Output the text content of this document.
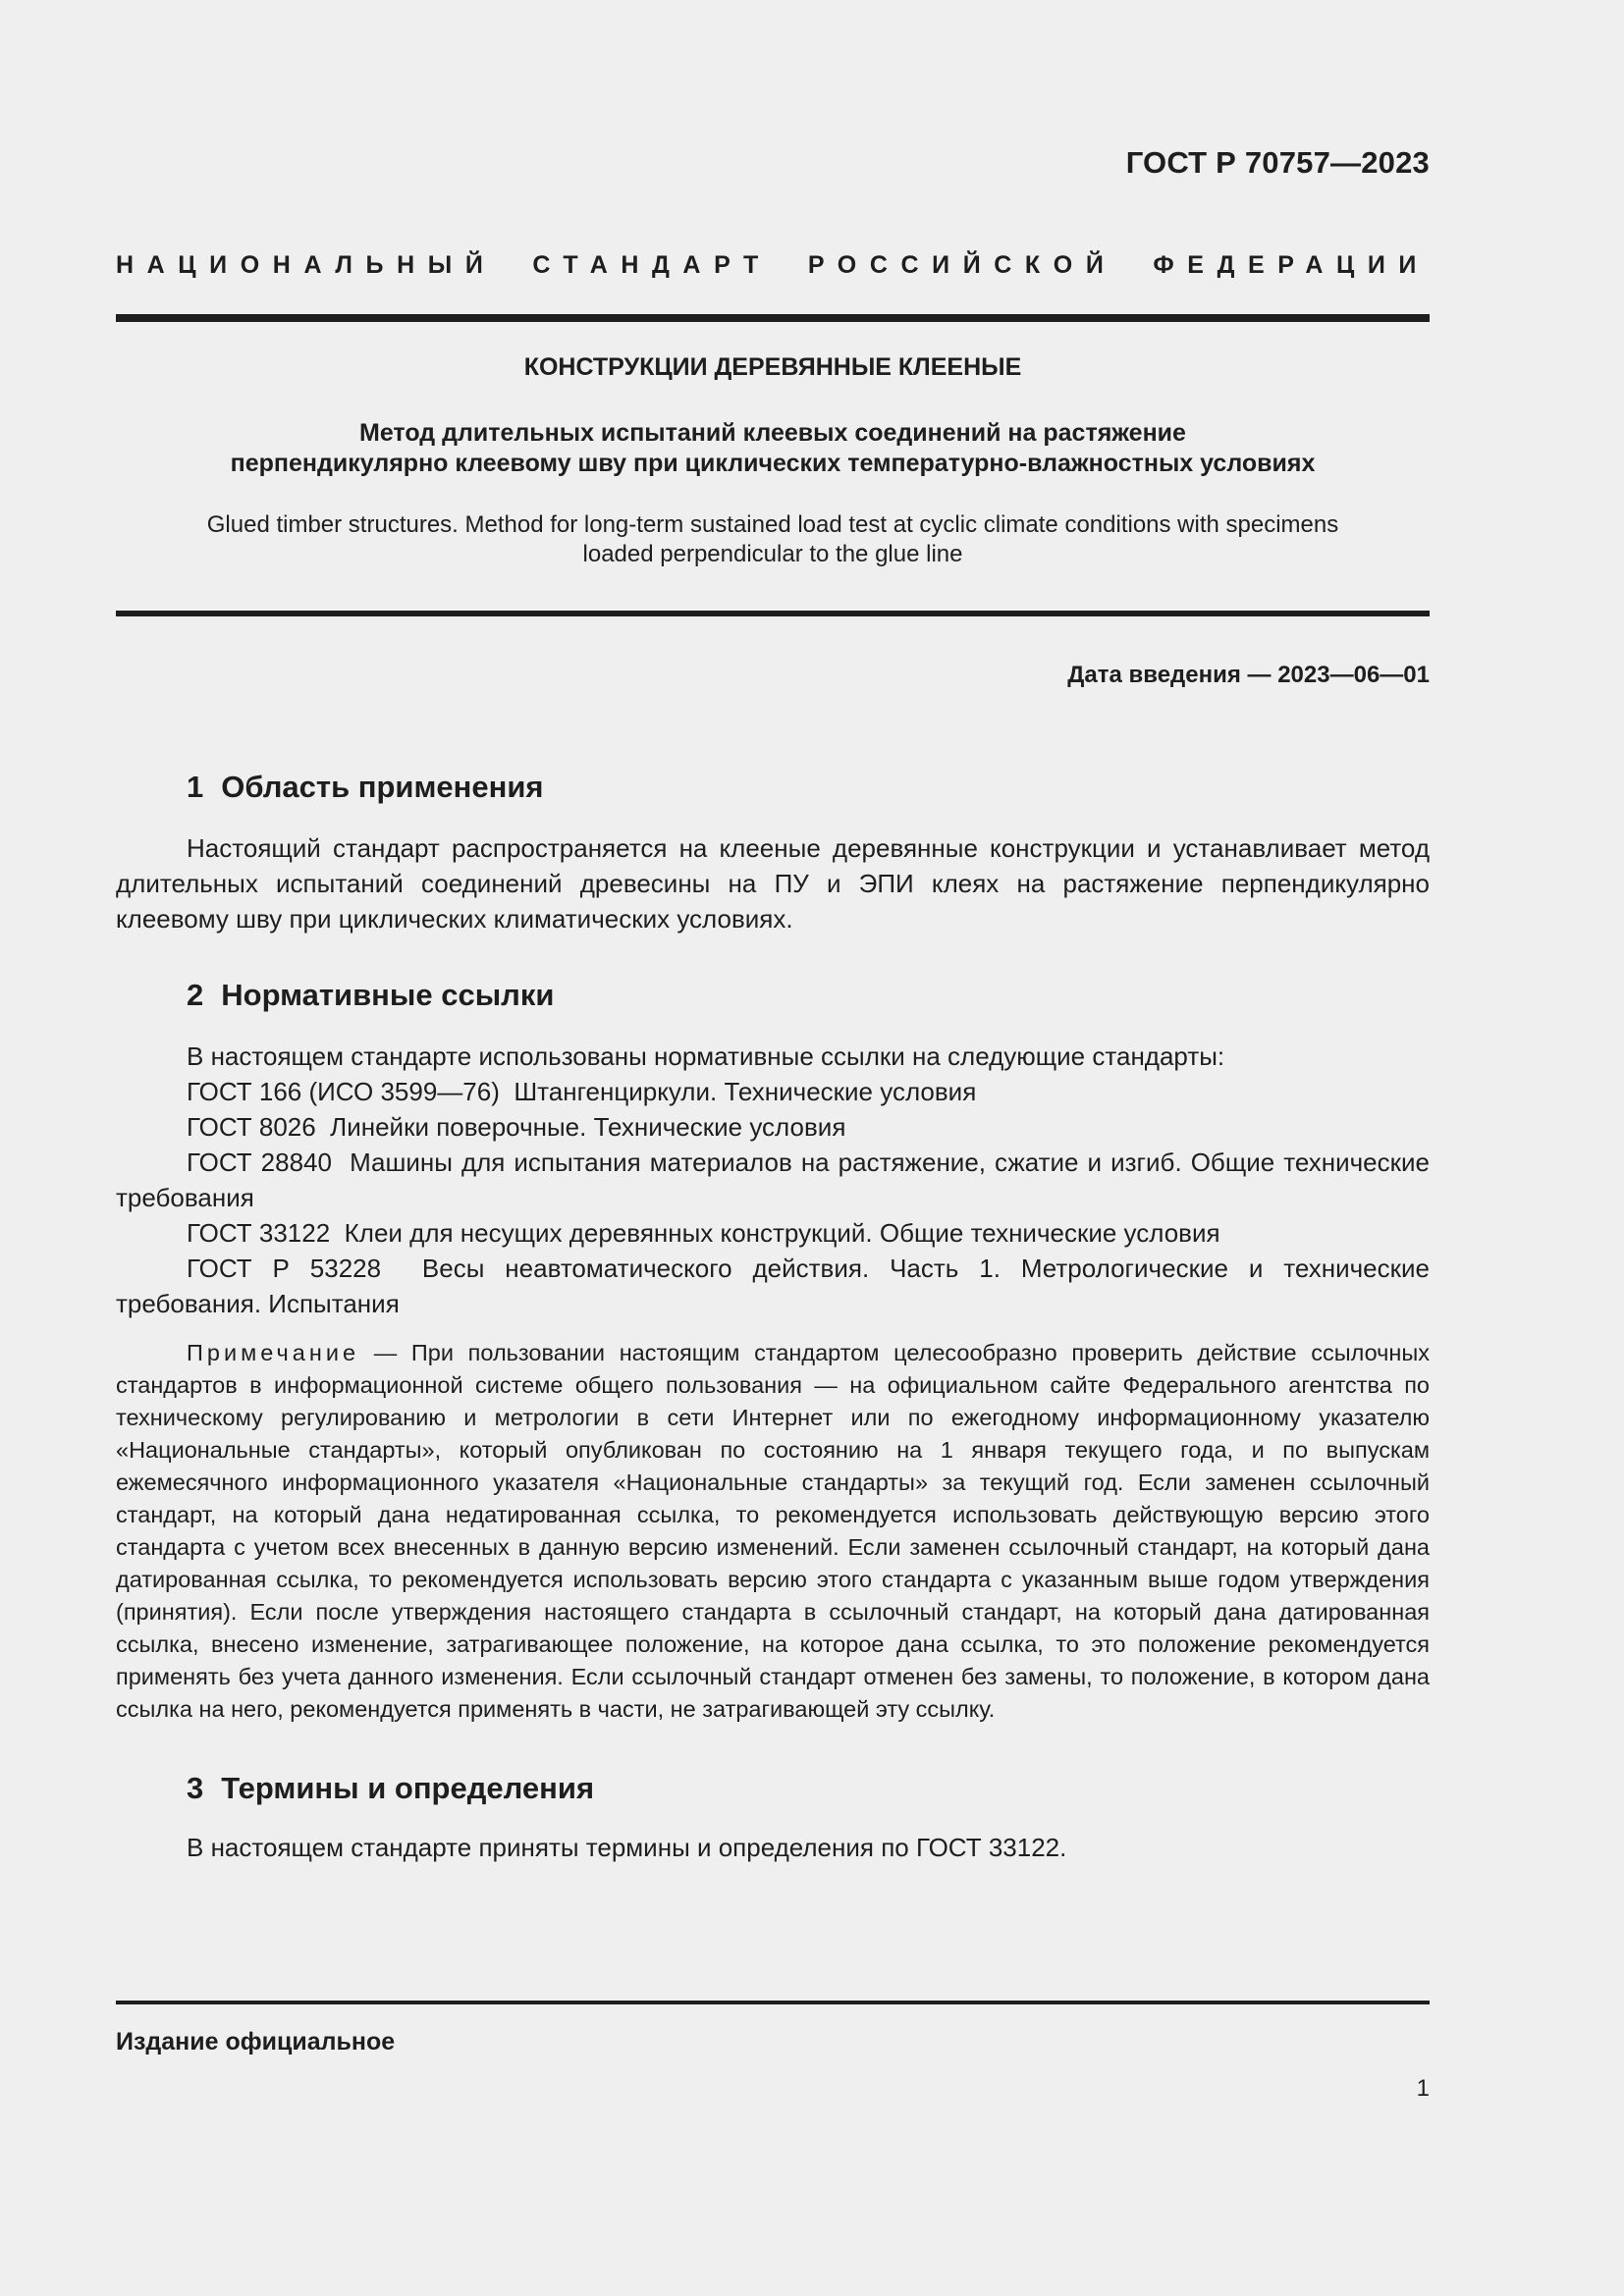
ГОСТ Р 70757—2023
НАЦИОНАЛЬНЫЙ СТАНДАРТ РОССИЙСКОЙ ФЕДЕРАЦИИ
КОНСТРУКЦИИ ДЕРЕВЯННЫЕ КЛЕЕНЫЕ
Метод длительных испытаний клеевых соединений на растяжение
перпендикулярно клеевому шву при циклических температурно-влажностных условиях
Glued timber structures. Method for long-term sustained load test at cyclic climate conditions with specimens
loaded perpendicular to the glue line
Дата введения — 2023—06—01
1 Область применения
Настоящий стандарт распространяется на клееные деревянные конструкции и устанавливает метод длительных испытаний соединений древесины на ПУ и ЭПИ клеях на растяжение перпендикулярно клеевому шву при циклических климатических условиях.
2 Нормативные ссылки
В настоящем стандарте использованы нормативные ссылки на следующие стандарты:
ГОСТ 166 (ИСО 3599—76) Штангенциркули. Технические условия
ГОСТ 8026 Линейки поверочные. Технические условия
ГОСТ 28840 Машины для испытания материалов на растяжение, сжатие и изгиб. Общие технические требования
ГОСТ 33122 Клеи для несущих деревянных конструкций. Общие технические условия
ГОСТ Р 53228 Весы неавтоматического действия. Часть 1. Метрологические и технические требования. Испытания
Примечание — При пользовании настоящим стандартом целесообразно проверить действие ссылочных стандартов в информационной системе общего пользования — на официальном сайте Федерального агентства по техническому регулированию и метрологии в сети Интернет или по ежегодному информационному указателю «Национальные стандарты», который опубликован по состоянию на 1 января текущего года, и по выпускам ежемесячного информационного указателя «Национальные стандарты» за текущий год. Если заменен ссылочный стандарт, на который дана недатированная ссылка, то рекомендуется использовать действующую версию этого стандарта с учетом всех внесенных в данную версию изменений. Если заменен ссылочный стандарт, на который дана датированная ссылка, то рекомендуется использовать версию этого стандарта с указанным выше годом утверждения (принятия). Если после утверждения настоящего стандарта в ссылочный стандарт, на который дана датированная ссылка, внесено изменение, затрагивающее положение, на которое дана ссылка, то это положение рекомендуется применять без учета данного изменения. Если ссылочный стандарт отменен без замены, то положение, в котором дана ссылка на него, рекомендуется применять в части, не затрагивающей эту ссылку.
3 Термины и определения
В настоящем стандарте приняты термины и определения по ГОСТ 33122.
Издание официальное
1
